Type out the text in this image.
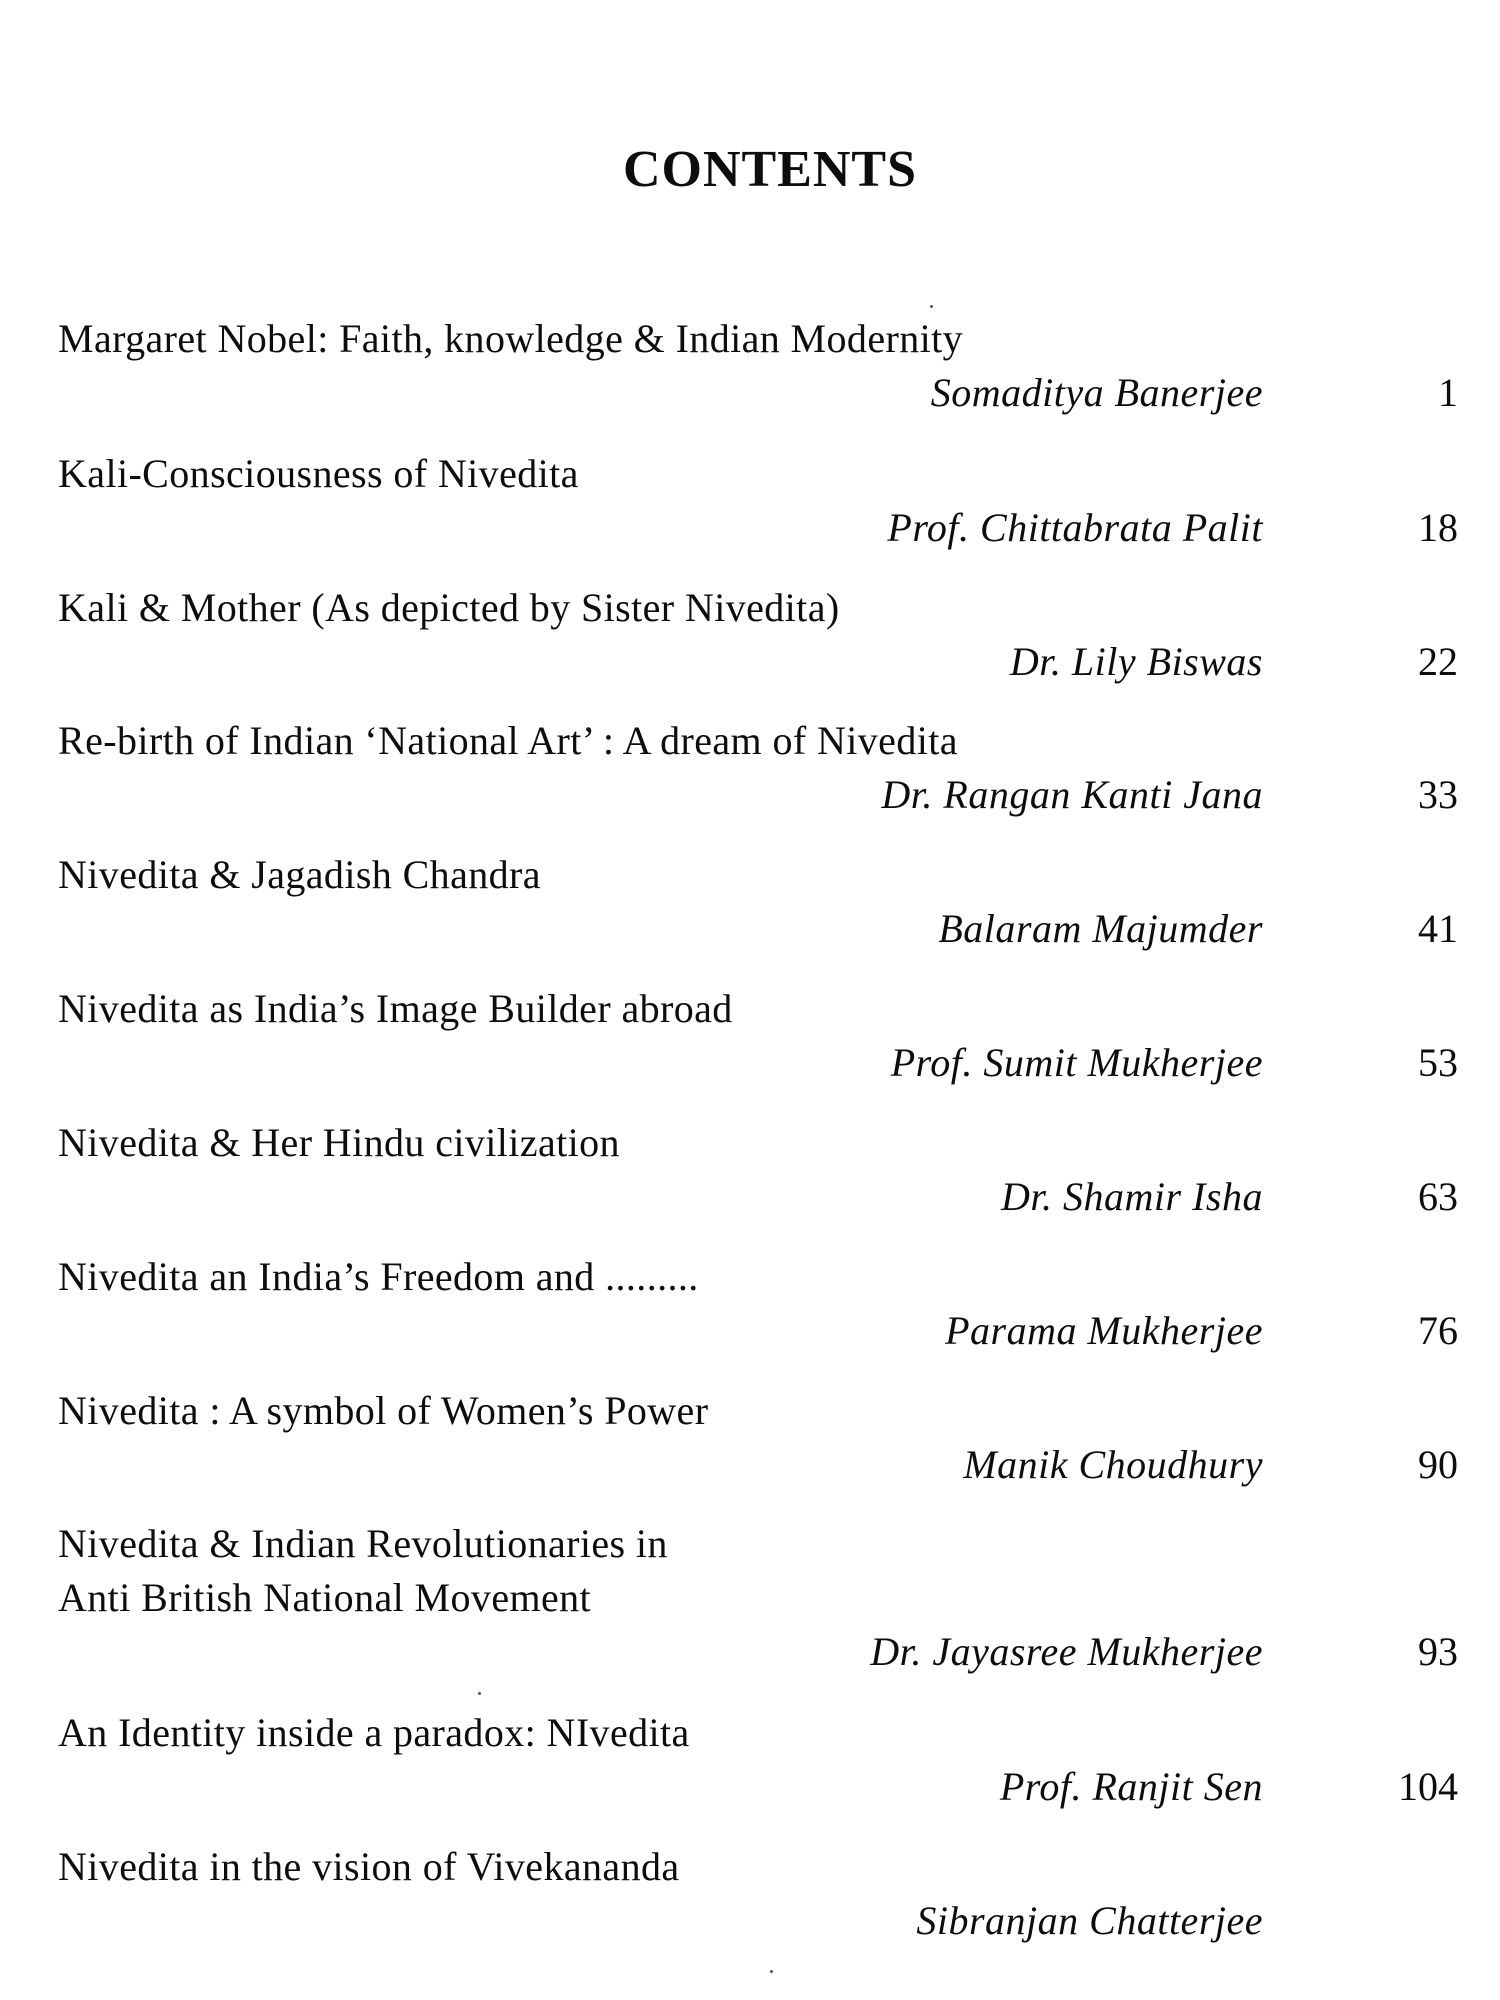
CONTENTS
Margaret Nobel: Faith, knowledge & Indian Modernity
Somaditya Banerjee	1
Kali-Consciousness of Nivedita
Prof. Chittabrata Palit	18
Kali & Mother (As depicted by Sister Nivedita)
Dr. Lily Biswas	22
Re-birth of Indian ‘National Art’ : A dream of Nivedita
Dr. Rangan Kanti Jana	33
Nivedita & Jagadish Chandra
Balaram Majumder	41
Nivedita as India’s Image Builder abroad
Prof. Sumit Mukherjee	53
Nivedita & Her Hindu civilization
Dr. Shamir Isha	63
Nivedita an India’s Freedom and .........
Parama Mukherjee	76
Nivedita : A symbol of Women’s Power
Manik Choudhury	90
Nivedita & Indian Revolutionaries in
Anti British National Movement
Dr. Jayasree Mukherjee	93
An Identity inside a paradox: NIvedita
Prof. Ranjit Sen	104
Nivedita in the vision of Vivekananda
Sibranjan Chatterjee
